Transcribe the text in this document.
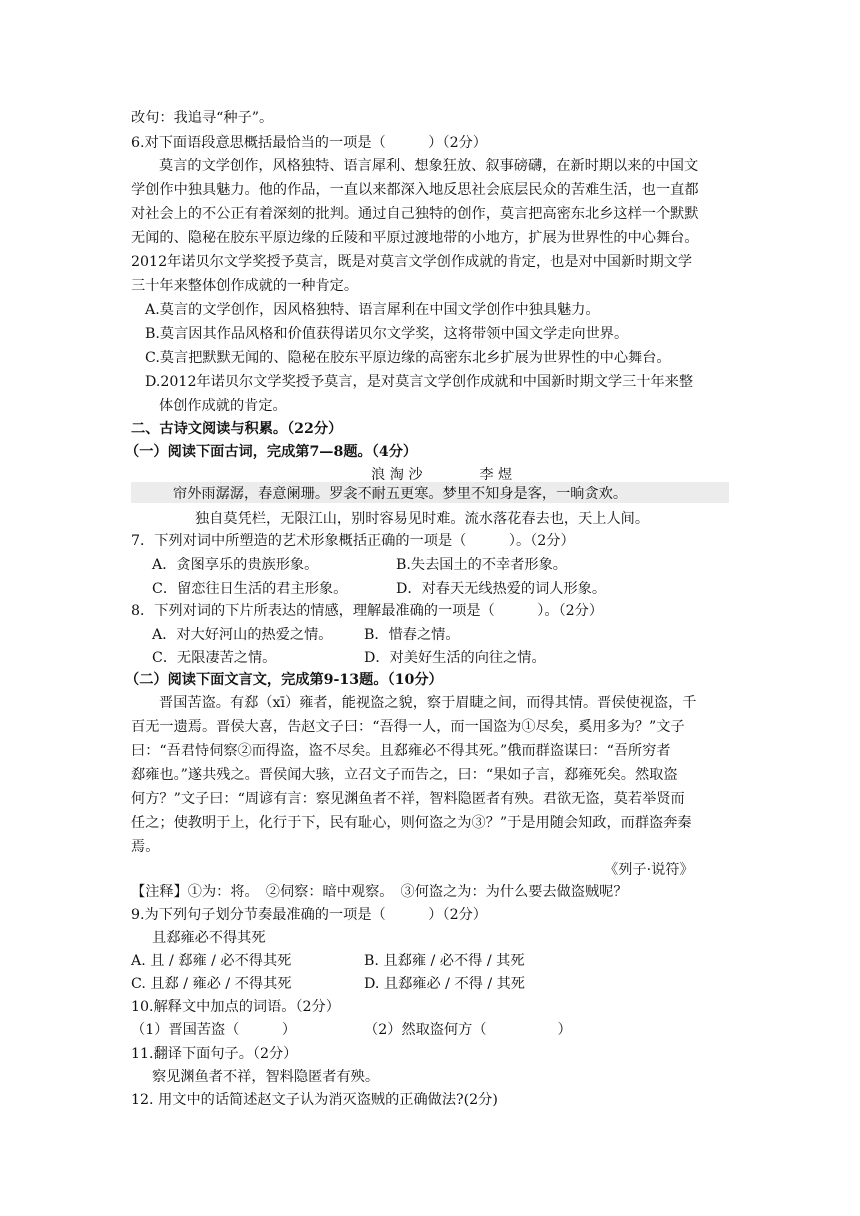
改句：我追寻“种子”。
6.对下面语段意思概括最恰当的一项是（　　　）（2分）
莫言的文学创作，风格独特、语言犀利、想象狂放、叙事磅礴，在新时期以来的中国文
学创作中独具魅力。他的作品，一直以来都深入地反思社会底层民众的苦难生活，也一直都
对社会上的不公正有着深刻的批判。通过自己独特的创作，莫言把高密东北乡这样一个默默
无闻的、隐秘在胶东平原边缘的丘陵和平原过渡地带的小地方，扩展为世界性的中心舞台。
2012年诺贝尔文学奖授予莫言，既是对莫言文学创作成就的肯定，也是对中国新时期文学
三十年来整体创作成就的一种肯定。
A.莫言的文学创作，因风格独特、语言犀利在中国文学创作中独具魅力。
B.莫言因其作品风格和价值获得诺贝尔文学奖，这将带领中国文学走向世界。
C.莫言把默默无闻的、隐秘在胶东平原边缘的高密东北乡扩展为世界性的中心舞台。
D.2012年诺贝尔文学奖授予莫言，是对莫言文学创作成就和中国新时期文学三十年来整
体创作成就的肯定。
二、古诗文阅读与积累。（22分）
（一）阅读下面古词，完成第7—8题。（4分）
浪 淘 沙　　　　李 煜
帘外雨潺潺，春意阑珊。罗衾不耐五更寒。梦里不知身是客，一晌贪欢。
独自莫凭栏，无限江山，别时容易见时难。流水落花春去也，天上人间。
7．下列对词中所塑造的艺术形象概括正确的一项是（　　　）。（2分）
A．贪图享乐的贵族形象。	B.失去国土的不幸者形象。
C．留恋往日生活的君主形象。	D．对春天无线热爱的词人形象。
8．下列对词的下片所表达的情感，理解最准确的一项是（　　　）。（2分）
A．对大好河山的热爱之情。 B．惜春之情。
C．无限凄苦之情。	D．对美好生活的向往之情。
（二）阅读下面文言文，完成第9-13题。（10分）
晋国苦盗。有郄（xī）雍者，能视盗之貌，察于眉睫之间，而得其情。晋侯使视盗，千
百无一遗焉。晋侯大喜，告赵文子曰：“吾得一人，而一国盗为①尽矣，奚用多为？”文子
曰：“吾君恃伺察②而得盗，盗不尽矣。且郄雍必不得其死。”俄而群盗谋曰：“吾所穷者
郄雍也。”遂共残之。晋侯闻大骇，立召文子而告之，曰：“果如子言，郄雍死矣。然取盗
何方？”文子曰：“周谚有言：察见渊鱼者不祥，智料隐匿者有殃。君欲无盗，莫若举贤而
任之；使教明于上，化行于下，民有耻心，则何盗之为③？”于是用随会知政，而群盗奔秦
焉。
《列子·说符》
【注释】①为：将。　②伺察：暗中观察。　③何盗之为：为什么要去做盗贼呢？
9.为下列句子划分节奏最准确的一项是（　　　）（2分）
且郄雍必不得其死
A. 且 / 郄雍 / 必不得其死	B. 且郄雍 / 必不得 / 其死
C. 且郄 / 雍必 / 不得其死	D. 且郄雍必 / 不得 / 其死
10.解释文中加点的词语。（2分）
（1）晋国苦盗（　　　）	（2）然取盗何方（　　　　　）
11.翻译下面句子。（2分）
察见渊鱼者不祥，智料隐匿者有殃。
12. 用文中的话简述赵文子认为消灭盗贼的正确做法?(2分)
